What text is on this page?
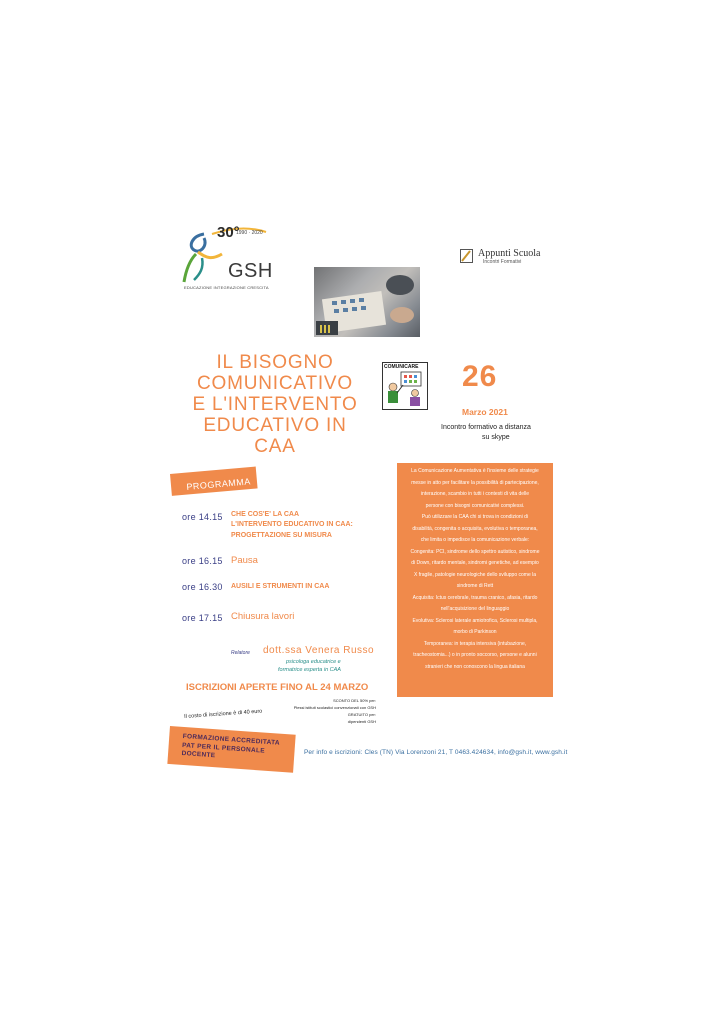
30°
1990 · 2020
GSH
EDUCAZIONE INTEGRAZIONE CRESCITA
Appunti Scuola
Incontri Formativi
IL BISOGNO
COMUNICATIVO
E L'INTERVENTO
EDUCATIVO IN
CAA
COMUNICARE 26
Marzo 2021
Incontro formativo a distanza
su skype
PROGRAMMA
ore 14.15 CHE COS'E' LA CAA
L'INTERVENTO EDUCATIVO IN CAA:
PROGETTAZIONE SU MISURA
ore 16.15 Pausa
ore 16.30 AUSILI E STRUMENTI IN CAA
ore 17.15 Chiusura lavori
Relatore dott.ssa Venera Russo
psicologa educatrice e
formatrice esperta in CAA
ISCRIZIONI APERTE FINO AL 24 MARZO
SCONTO DEL 50% per:
Plessi istituti scolastici convenzionati con GSH
GRATUITO per:
dipendenti GSH
Il costo di iscrizione è di 40 euro
FORMAZIONE ACCREDITATA PAT PER IL PERSONALE DOCENTE	Per info e iscrizioni: Cles (TN) Via Lorenzoni 21, T 0463.424634, info@gsh.it, www.gsh.it
La Comunicazione Aumentativa è l'insieme delle strategie
messe in atto per facilitare la possibilità di partecipazione,
interazione, scambio in tutti i contesti di vita delle
persone con bisogni comunicativi complessi.
Può utilizzare la CAA chi si trova in condizioni di
disabilità, congenita o acquisita, evolutiva o temporanea,
che limita o impedisce la comunicazione verbale:
Congenita: PCI, sindrome dello spettro autistico, sindrome
di Down, ritardo mentale, sindromi genetiche, ad esempio
X fragile, patologie neurologiche dello sviluppo come la
sindrome di Rett
Acquisita: Ictus cerebrale, trauma cranico, afasia, ritardo
nell'acquisizione del linguaggio
Evolutiva: Sclerosi laterale amiotrofica, Sclerosi multipla,
morbo di Parkinson
Temporanea: in terapia intensiva (intubazione,
tracheostomia...) o in pronto soccorso, persone e alunni
stranieri che non conoscono la lingua italiana
